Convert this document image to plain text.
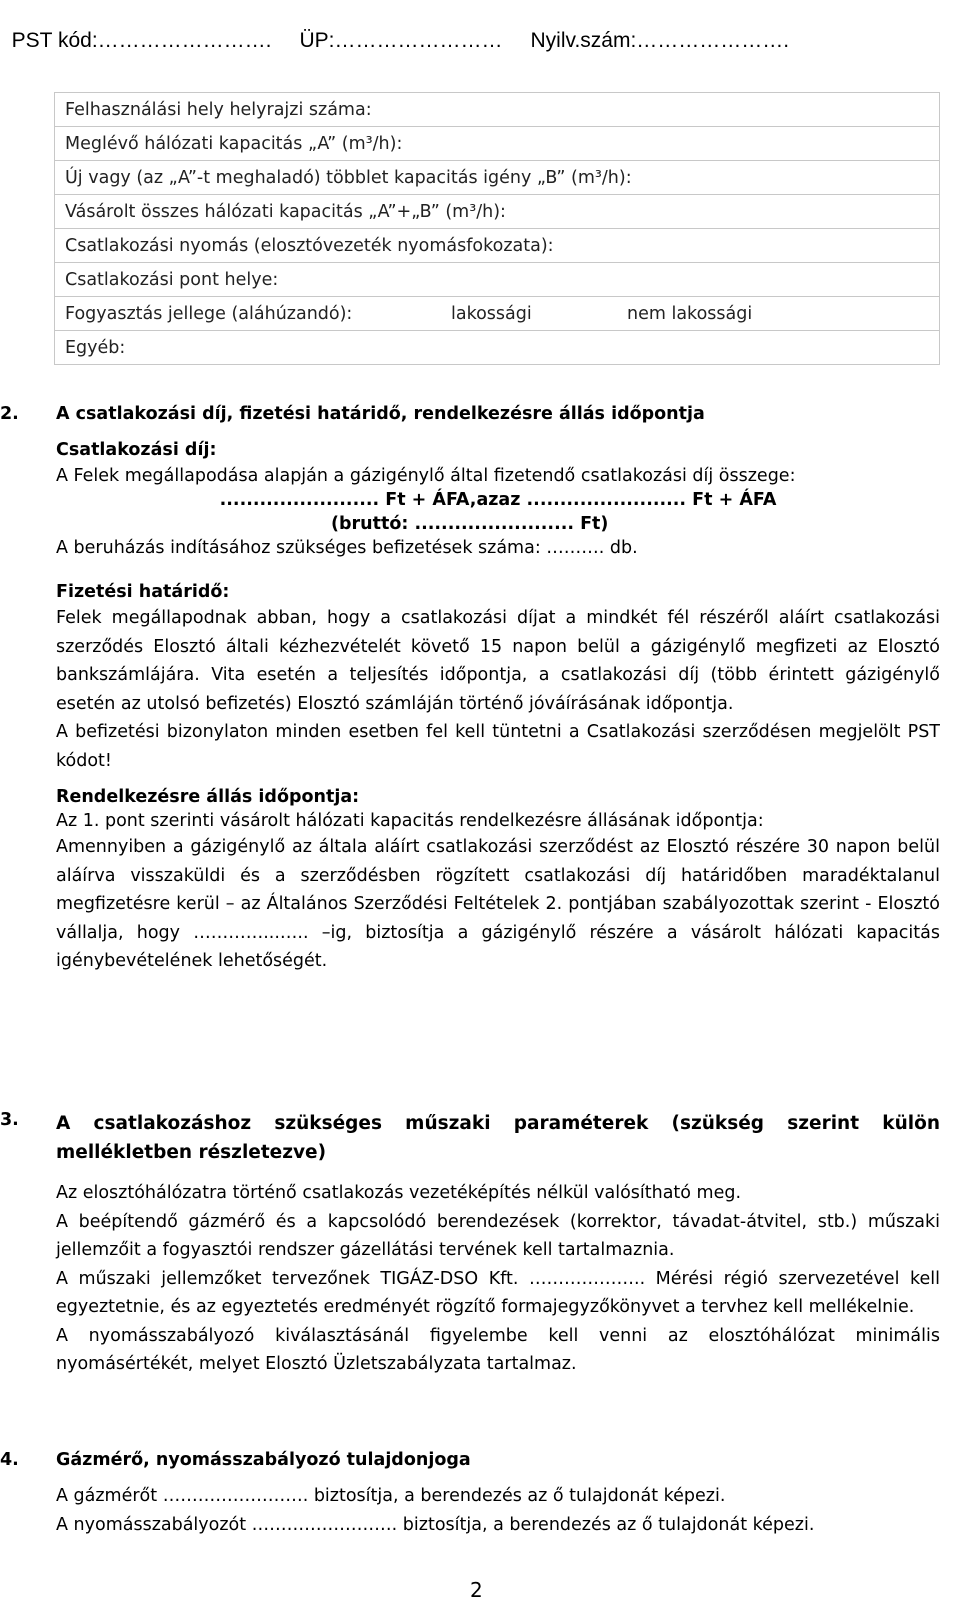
PST kód:……………………. ÜP:…………………… Nyilv.szám:………………….

Felhasználási hely helyrajzi száma:
Meglévő hálózati kapacitás „A” (m³/h):
Új vagy (az „A”-t meghaladó) többlet kapacitás igény „B” (m³/h):
Vásárolt összes hálózati kapacitás „A”+„B” (m³/h):
Csatlakozási nyomás (elosztóvezeték nyomásfokozata):
Csatlakozási pont helye:
Fogyasztás jellege (aláhúzandó):	lakossági	nem lakossági

Egyéb:
2. A csatlakozási díj, fizetési határidő, rendelkezésre állás időpontja

Csatlakozási díj:

A Felek megállapodása alapján a gázigénylő által fizetendő csatlakozási díj összege:

........................ Ft + ÁFA,azaz ........................ Ft + ÁFA

(bruttó: ........................ Ft)

A beruházás indításához szükséges befizetések száma: ………. db.

Fizetési határidő:

Felek megállapodnak abban, hogy a csatlakozási díjat a mindkét fél részéről aláírt csatlakozási szerződés Elosztó általi kézhezvételét követő 15 napon belül a gázigénylő megfizeti az Elosztó bankszámlájára. Vita esetén a teljesítés időpontja, a csatlakozási díj (több érintett gázigénylő esetén az utolsó befizetés) Elosztó számláján történő jóváírásának időpontja.

A befizetési bizonylaton minden esetben fel kell tüntetni a Csatlakozási szerződésen megjelölt PST kódot!

Rendelkezésre állás időpontja:

Az 1. pont szerinti vásárolt hálózati kapacitás rendelkezésre állásának időpontja:

Amennyiben a gázigénylő az általa aláírt csatlakozási szerződést az Elosztó részére 30 napon belül aláírva visszaküldi és a szerződésben rögzített csatlakozási díj határidőben maradéktalanul megfizetésre kerül – az Általános Szerződési Feltételek 2. pontjában szabályozottak szerint - Elosztó vállalja, hogy …………...….. –ig, biztosítja a gázigénylő részére a vásárolt hálózati kapacitás igénybevételének lehetőségét.

3. A csatlakozáshoz szükséges műszaki paraméterek (szükség szerint külön mellékletben részletezve)

Az elosztóhálózatra történő csatlakozás vezetéképítés nélkül valósítható meg.

A beépítendő gázmérő és a kapcsolódó berendezések (korrektor, távadat-átvitel, stb.) műszaki jellemzőit a fogyasztói rendszer gázellátási tervének kell tartalmaznia.

A műszaki jellemzőket tervezőnek TIGÁZ-DSO Kft. ……………….. Mérési régió szervezetével kell egyeztetnie, és az egyeztetés eredményét rögzítő formajegyzőkönyvet a tervhez kell mellékelnie.

A nyomásszabályozó kiválasztásánál figyelembe kell venni az elosztóhálózat minimális nyomásértékét, melyet Elosztó Üzletszabályzata tartalmaz.

4. Gázmérő, nyomásszabályozó tulajdonjoga

A gázmérőt ……………………. biztosítja, a berendezés az ő tulajdonát képezi.

A nyomásszabályozót ……………………. biztosítja, a berendezés az ő tulajdonát képezi.

2
